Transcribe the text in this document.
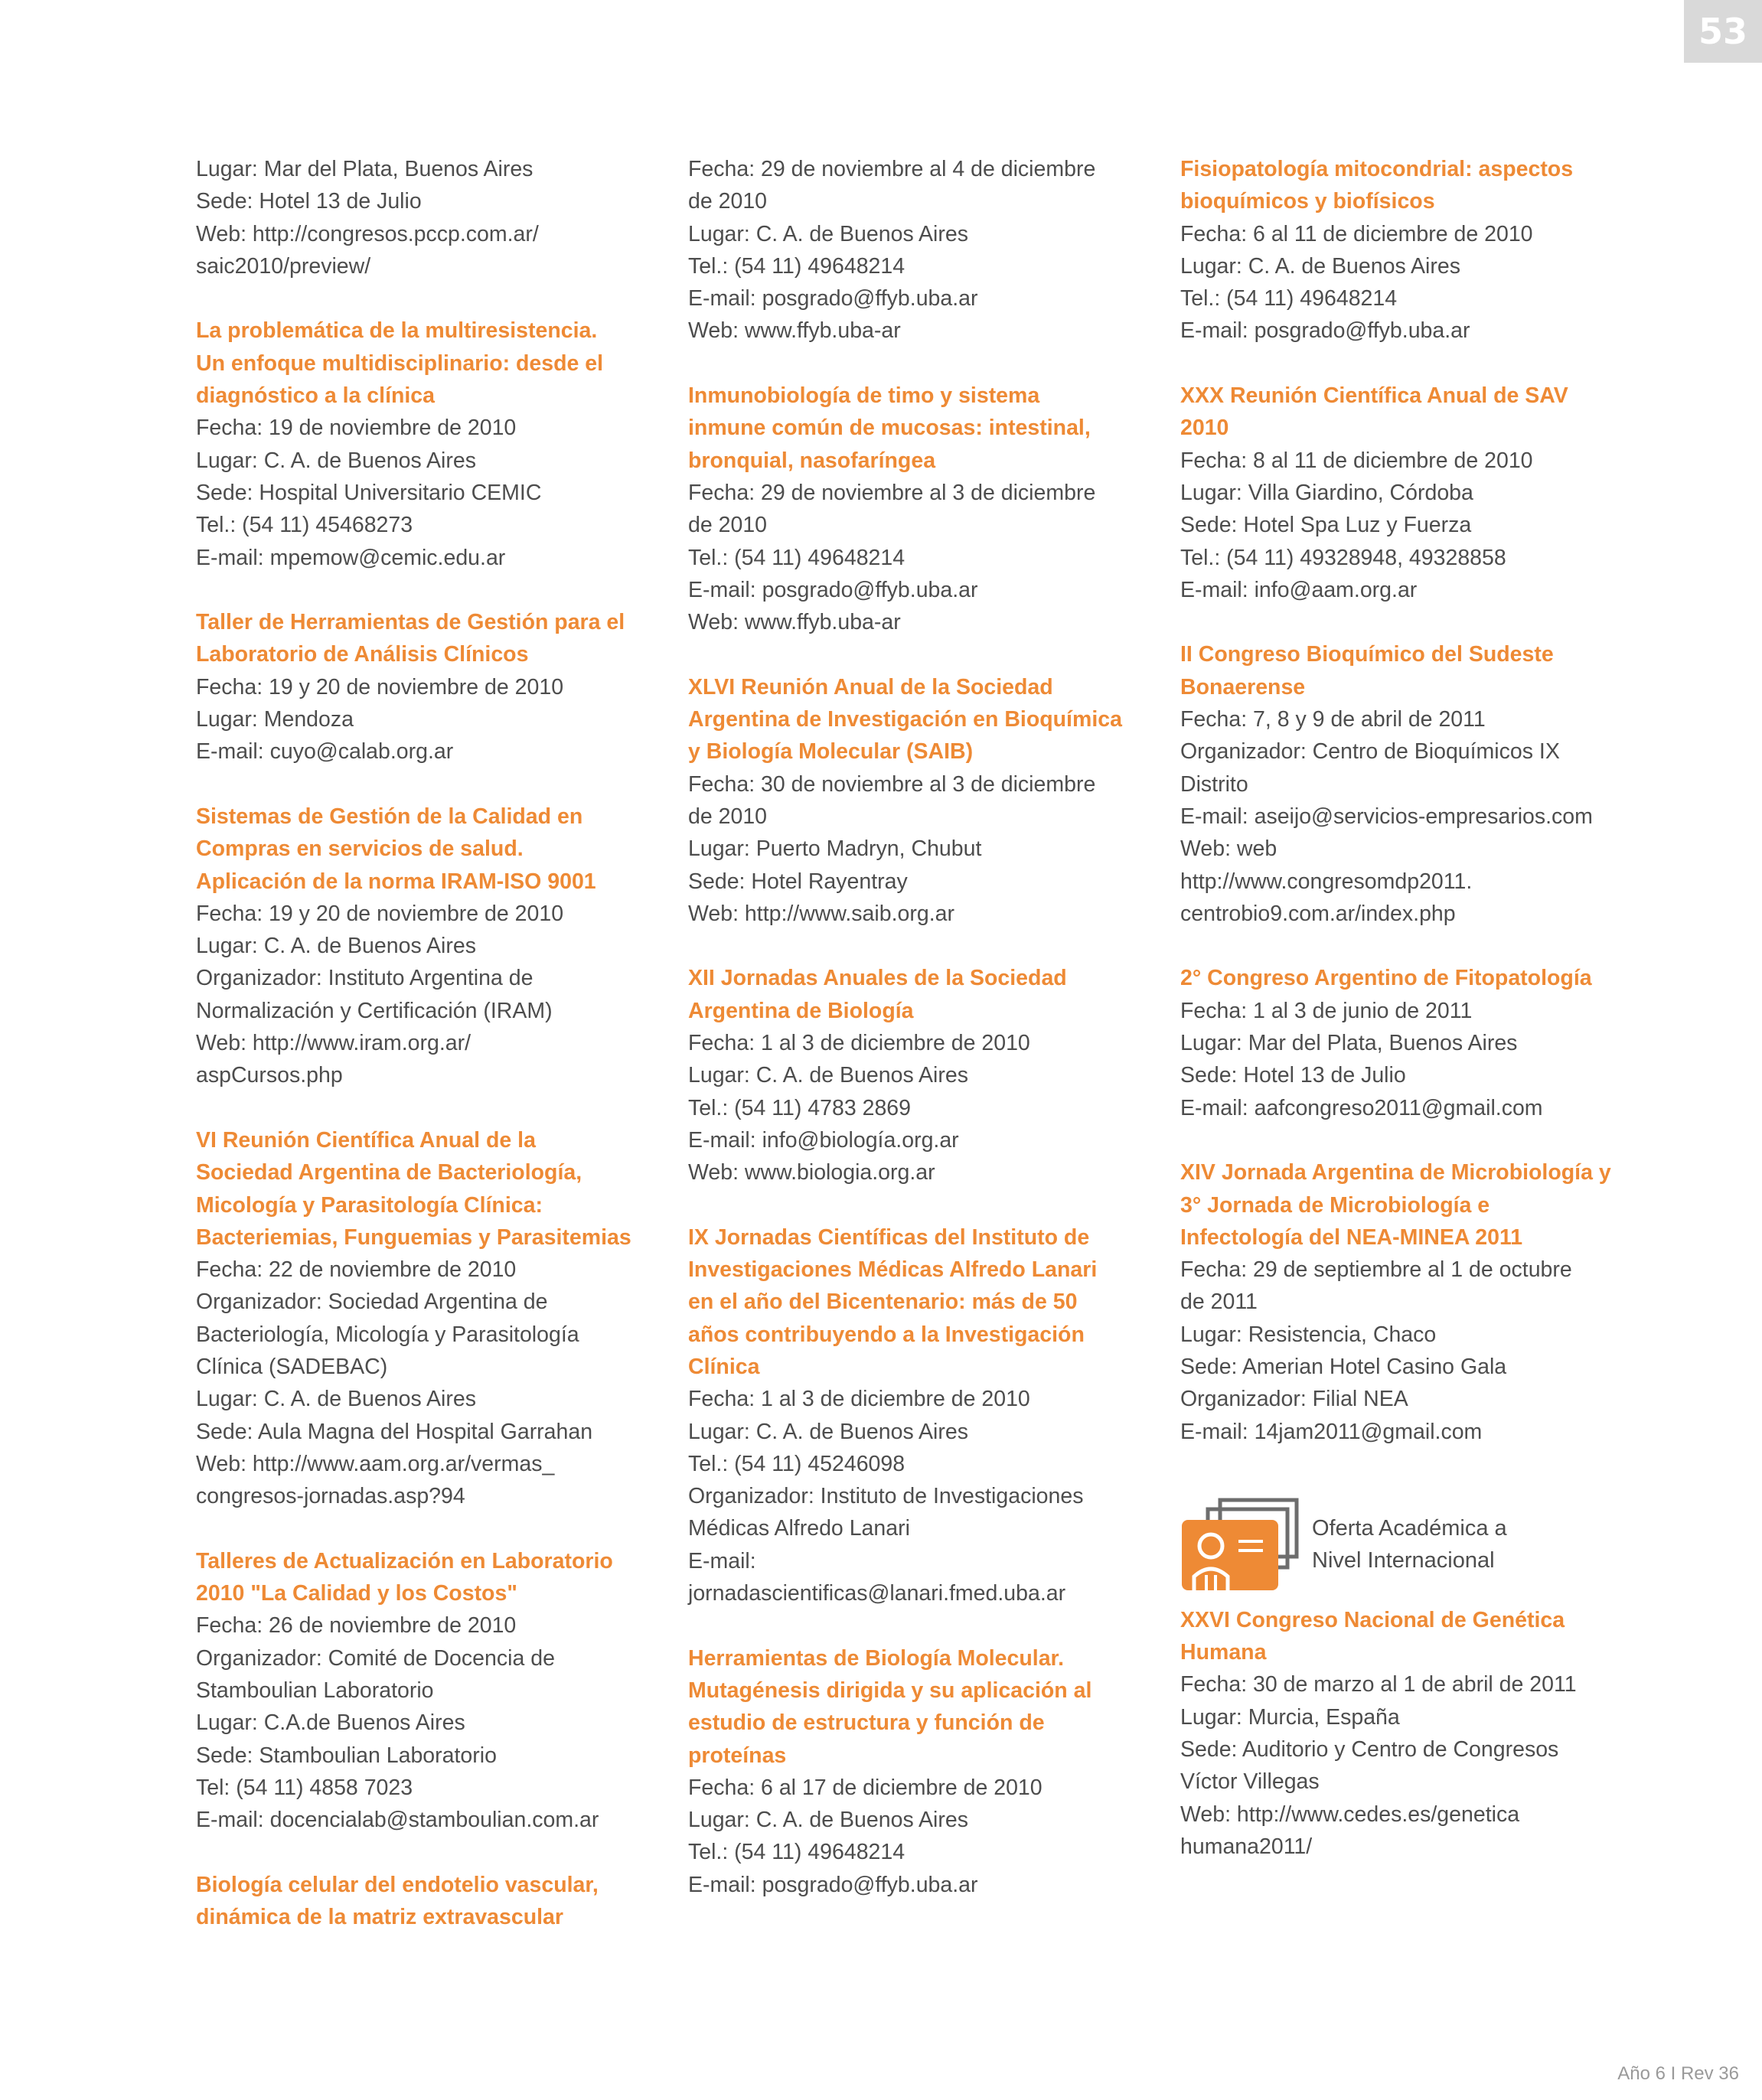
53
Lugar: Mar del Plata, Buenos Aires
Sede: Hotel 13 de Julio
Web: http://congresos.pccp.com.ar/
saic2010/preview/
La problemática de la multiresistencia.
Un enfoque multidisciplinario: desde el
diagnóstico a la clínica
Fecha: 19 de noviembre de 2010
Lugar: C. A. de Buenos Aires
Sede: Hospital Universitario CEMIC
Tel.: (54 11) 45468273
E-mail: mpemow@cemic.edu.ar
Taller de Herramientas de Gestión para el
Laboratorio de Análisis Clínicos
Fecha: 19 y 20 de noviembre de 2010
Lugar: Mendoza
E-mail: cuyo@calab.org.ar
Sistemas de Gestión de la Calidad en
Compras en servicios de salud.
Aplicación de la norma IRAM-ISO 9001
Fecha: 19 y 20 de noviembre de 2010
Lugar: C. A. de Buenos Aires
Organizador: Instituto Argentina de
Normalización y Certificación (IRAM)
Web: http://www.iram.org.ar/
aspCursos.php
VI Reunión Científica Anual de la
Sociedad Argentina de Bacteriología,
Micología y Parasitología Clínica:
Bacteriemias, Funguemias y Parasitemias
Fecha: 22 de noviembre de 2010
Organizador: Sociedad Argentina de
Bacteriología, Micología y Parasitología
Clínica (SADEBAC)
Lugar: C. A. de Buenos Aires
Sede: Aula Magna del Hospital Garrahan
Web: http://www.aam.org.ar/vermas_
congresos-jornadas.asp?94
Talleres de Actualización en Laboratorio
2010 "La Calidad y los Costos"
Fecha: 26 de noviembre de 2010
Organizador: Comité de Docencia de
Stamboulian Laboratorio
Lugar: C.A.de Buenos Aires
Sede: Stamboulian Laboratorio
Tel: (54 11) 4858 7023
E-mail: docencialab@stamboulian.com.ar
Biología celular del endotelio vascular,
dinámica de la matriz extravascular
Fecha: 29 de noviembre al 4 de diciembre
de 2010
Lugar: C. A. de Buenos Aires
Tel.: (54 11) 49648214
E-mail: posgrado@ffyb.uba.ar
Web: www.ffyb.uba-ar
Inmunobiología de timo y sistema
inmune común de mucosas: intestinal,
bronquial, nasofaríngea
Fecha: 29 de noviembre al 3 de diciembre
de 2010
Tel.: (54 11) 49648214
E-mail: posgrado@ffyb.uba.ar
Web: www.ffyb.uba-ar
XLVI Reunión Anual de la Sociedad
Argentina de Investigación en Bioquímica
y Biología Molecular (SAIB)
Fecha: 30 de noviembre al 3 de diciembre
de 2010
Lugar: Puerto Madryn, Chubut
Sede: Hotel Rayentray
Web: http://www.saib.org.ar
XII Jornadas Anuales de la Sociedad
Argentina de Biología
Fecha: 1 al 3 de diciembre de 2010
Lugar: C. A. de Buenos Aires
Tel.: (54 11) 4783 2869
E-mail: info@biología.org.ar
Web: www.biologia.org.ar
IX Jornadas Científicas del Instituto de
Investigaciones Médicas Alfredo Lanari
en el año del Bicentenario: más de 50
años contribuyendo a la Investigación
Clínica
Fecha: 1 al 3 de diciembre de 2010
Lugar: C. A. de Buenos Aires
Tel.: (54 11) 45246098
Organizador: Instituto de Investigaciones
Médicas Alfredo Lanari
E-mail:
jornadascientificas@lanari.fmed.uba.ar
Herramientas de Biología Molecular.
Mutagénesis dirigida y su aplicación al
estudio de estructura y función de
proteínas
Fecha: 6 al 17 de diciembre de 2010
Lugar: C. A. de Buenos Aires
Tel.: (54 11) 49648214
E-mail: posgrado@ffyb.uba.ar
Fisiopatología mitocondrial: aspectos
bioquímicos y biofísicos
Fecha: 6 al 11 de diciembre de 2010
Lugar: C. A. de Buenos Aires
Tel.: (54 11) 49648214
E-mail: posgrado@ffyb.uba.ar
XXX Reunión Científica Anual de SAV
2010
Fecha: 8 al 11 de diciembre de 2010
Lugar: Villa Giardino, Córdoba
Sede: Hotel Spa Luz y Fuerza
Tel.: (54 11) 49328948, 49328858
E-mail: info@aam.org.ar
II Congreso Bioquímico del Sudeste
Bonaerense
Fecha: 7, 8 y 9 de abril de 2011
Organizador: Centro de Bioquímicos IX
Distrito
E-mail: aseijo@servicios-empresarios.com
Web: web
http://www.congresomdp2011.
centrobio9.com.ar/index.php
2° Congreso Argentino de Fitopatología
Fecha: 1 al 3 de junio de 2011
Lugar: Mar del Plata, Buenos Aires
Sede: Hotel 13 de Julio
E-mail: aafcongreso2011@gmail.com
XIV Jornada Argentina de Microbiología y
3° Jornada de Microbiología e
Infectología del NEA-MINEA 2011
Fecha: 29 de septiembre al 1 de octubre
de 2011
Lugar: Resistencia, Chaco
Sede: Amerian Hotel Casino Gala
Organizador: Filial NEA
E-mail: 14jam2011@gmail.com
Oferta Académica a
Nivel Internacional
XXVI Congreso Nacional de Genética
Humana
Fecha: 30 de marzo al 1 de abril de 2011
Lugar: Murcia, España
Sede: Auditorio y Centro de Congresos
Víctor Villegas
Web: http://www.cedes.es/genetica
humana2011/
Año 6 I Rev 36
